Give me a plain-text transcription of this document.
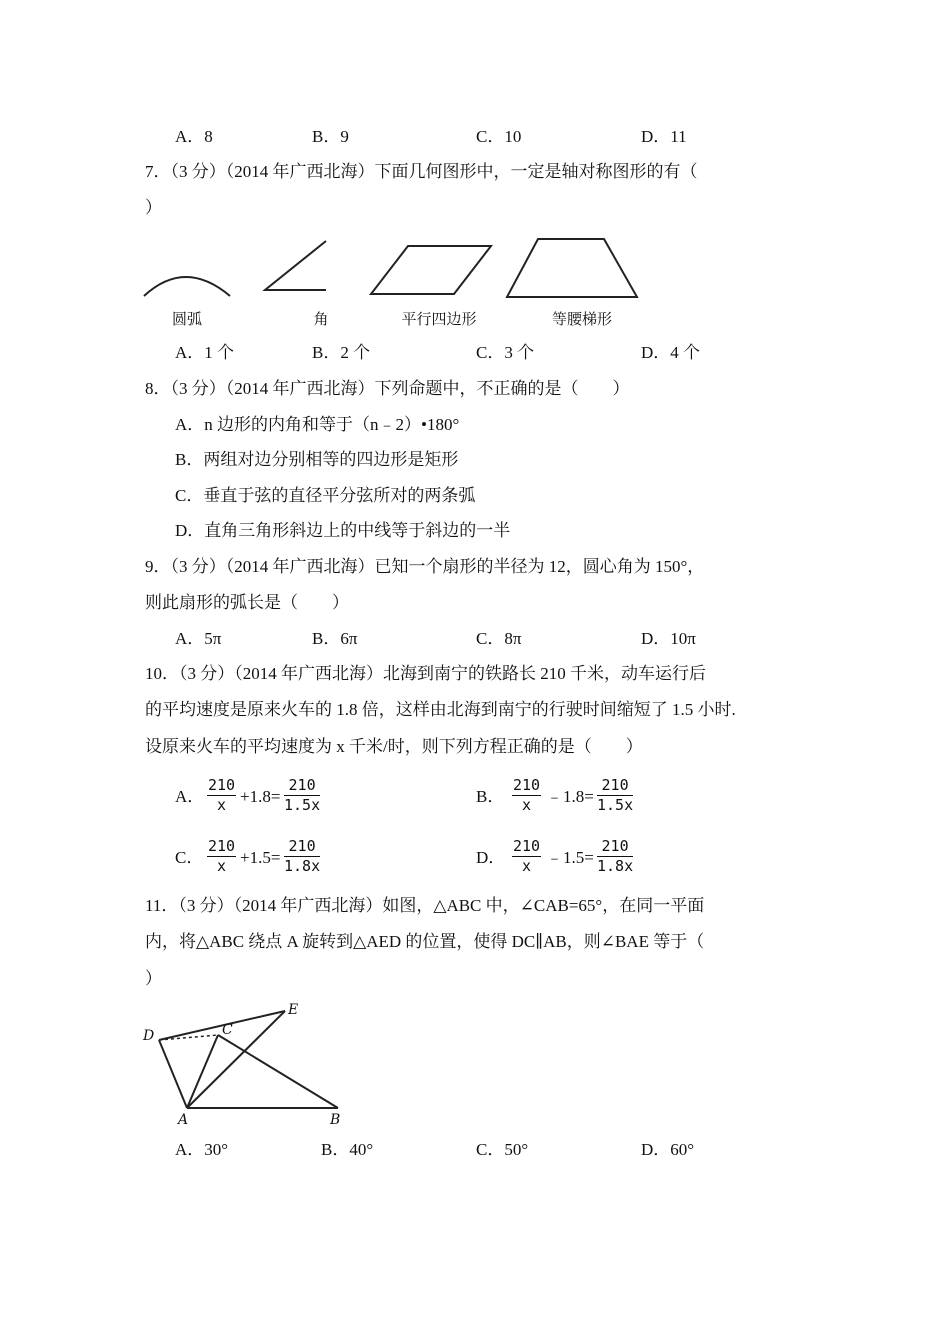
A．8	B．9	C．10	D．11
7．（3 分）（2014 年广西北海）下面几何图形中，一定是轴对称图形的有（
）
圆弧	角	平行四边形	等腰梯形
A．1 个	B．2 个	C．3 个	D．4 个
8．（3 分）（2014 年广西北海）下列命题中，不正确的是（　　）
A．n 边形的内角和等于（n﹣2）•180°
B．两组对边分别相等的四边形是矩形
C．垂直于弦的直径平分弦所对的两条弧
D．直角三角形斜边上的中线等于斜边的一半
9．（3 分）（2014 年广西北海）已知一个扇形的半径为 12，圆心角为 150°，
则此扇形的弧长是（　　）
A．5π	B．6π	C．8π	D．10π
10．（3 分）（2014 年广西北海）北海到南宁的铁路长 210 千米，动车运行后
的平均速度是原来火车的 1.8 倍，这样由北海到南宁的行驶时间缩短了 1.5 小时.
设原来火车的平均速度为 x 千米/时，则下列方程正确的是（　　）
A． $\frac{210}{x} +1.8= \frac{210}{1.5x}$	B． $\frac{210}{x}$ ﹣1.8= $\frac{210}{1.5x}$
C． $\frac{210}{x} +1.5= \frac{210}{1.8x}$	D． $\frac{210}{x}$ ﹣1.5= $\frac{210}{1.8x}$
11．（3 分）（2014 年广西北海）如图，△ABC 中，∠CAB=65°，在同一平面
内，将△ABC 绕点 A 旋转到△AED 的位置，使得 DC∥AB，则∠BAE 等于（
）
D	C
E
A	B
A．30°	B．40°	C．50°	D．60°
